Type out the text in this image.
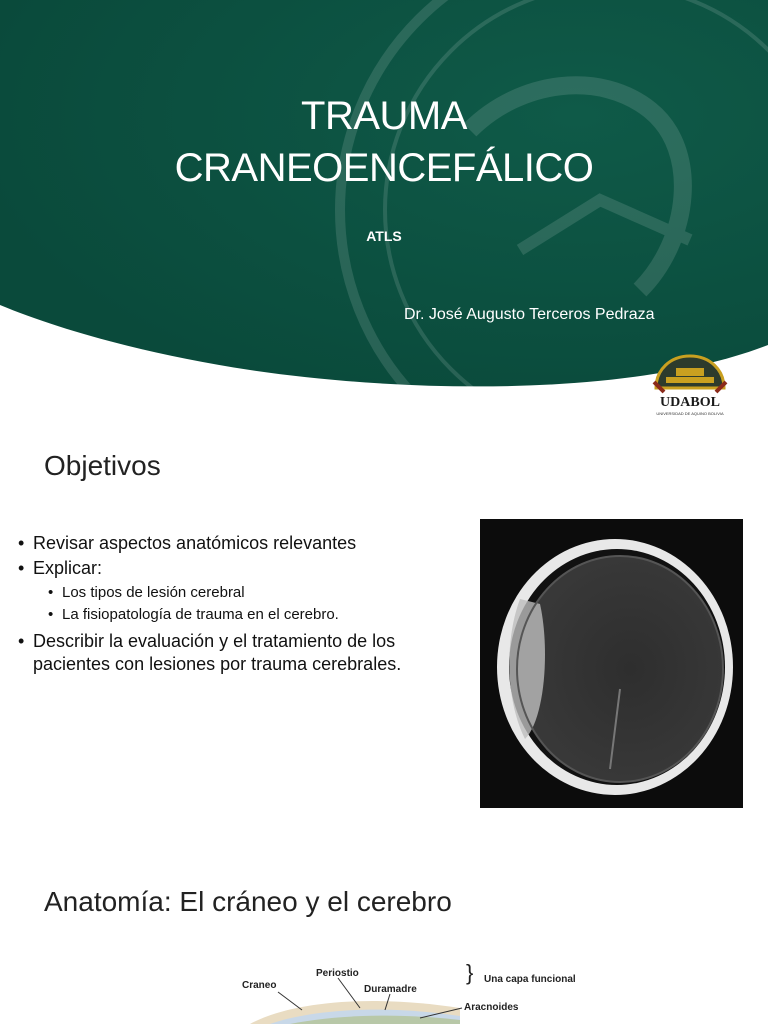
TRAUMA
CRANEOENCEFÁLICO
ATLS
Dr. José Augusto Terceros Pedraza
UDABOL
UNIVERSIDAD DE AQUINO BOLIVIA
Objetivos
• Revisar aspectos anatómicos relevantes
• Explicar:
• Los tipos de lesión cerebral
• La fisiopatología de trauma en el cerebro.
• Describir la evaluación y el tratamiento de los pacientes con lesiones por trauma cerebrales.
Anatomía: El cráneo y el cerebro
Craneo
Periostio
Duramadre
} Una capa funcional
Aracnoides
